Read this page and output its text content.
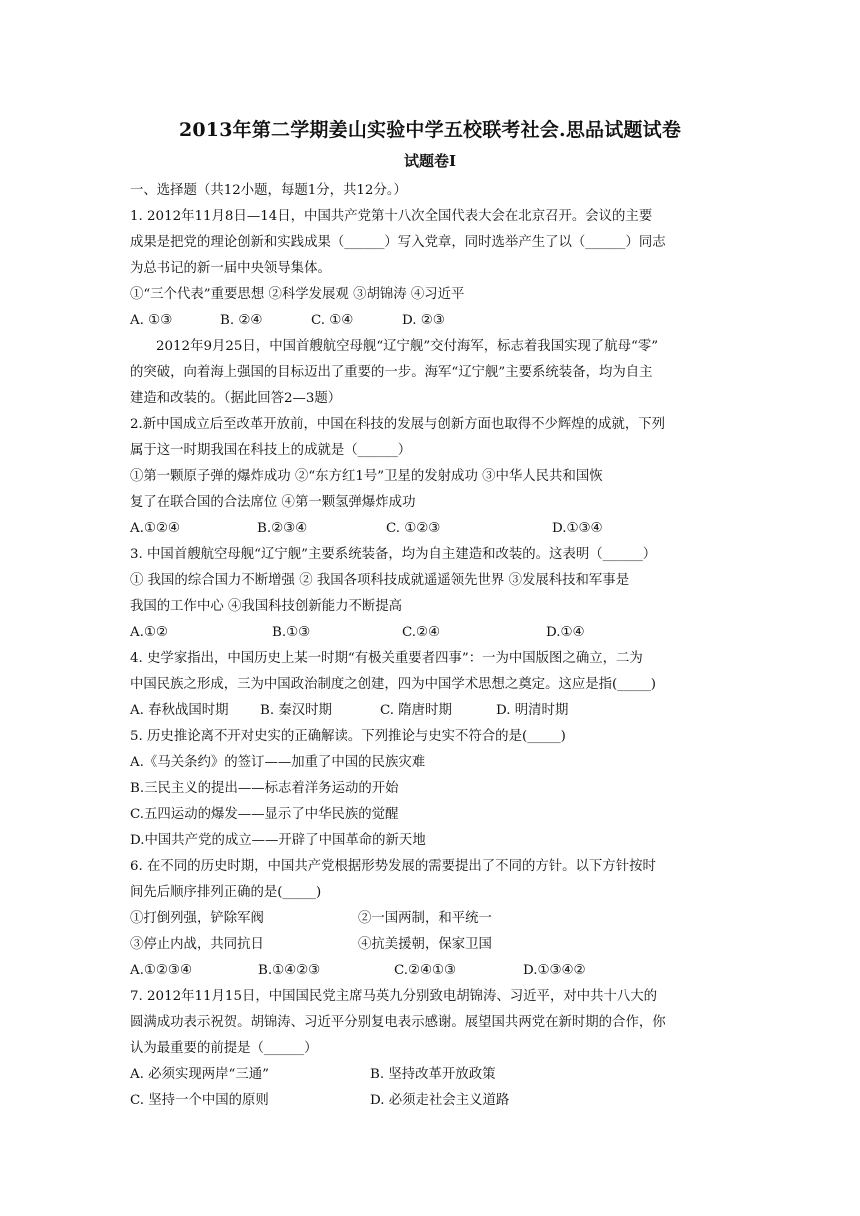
2013年第二学期姜山实验中学五校联考社会.思品试题试卷
试题卷Ⅰ
一、选择题（共12小题，每题1分，共12分。）
1. 2012年11月8日—14日，中国共产党第十八次全国代表大会在北京召开。会议的主要
成果是把党的理论创新和实践成果（______）写入党章，同时选举产生了以（______）同志
为总书记的新一届中央领导集体。
①“三个代表”重要思想 ②科学发展观 ③胡锦涛 ④习近平
A. ①③	B. ②④	C. ①④	D. ②③
2012年9月25日，中国首艘航空母舰“辽宁舰”交付海军，标志着我国实现了航母“零”
的突破，向着海上强国的目标迈出了重要的一步。海军“辽宁舰”主要系统装备，均为自主
建造和改装的。（据此回答2—3题）
2.新中国成立后至改革开放前，中国在科技的发展与创新方面也取得不少辉煌的成就，下列
属于这一时期我国在科技上的成就是（______）
①第一颗原子弹的爆炸成功 ②“东方红1号”卫星的发射成功 ③中华人民共和国恢
复了在联合国的合法席位 ④第一颗氢弹爆炸成功
A.①②④	B.②③④	C. ①②③	D.①③④
3. 中国首艘航空母舰“辽宁舰”主要系统装备，均为自主建造和改装的。这表明（______）
① 我国的综合国力不断增强 ② 我国各项科技成就遥遥领先世界 ③发展科技和军事是
我国的工作中心 ④我国科技创新能力不断提高
A.①②	B.①③	C.②④	D.①④
4. 史学家指出，中国历史上某一时期“有极关重要者四事”：一为中国版图之确立，二为
中国民族之形成，三为中国政治制度之创建，四为中国学术思想之奠定。这应是指(_____)
A. 春秋战国时期 B. 秦汉时期	C. 隋唐时期	D. 明清时期
5. 历史推论离不开对史实的正确解读。下列推论与史实不符合的是(_____)
A.《马关条约》的签订——加重了中国的民族灾难
B.三民主义的提出——标志着洋务运动的开始
C.五四运动的爆发——显示了中华民族的觉醒
D.中国共产党的成立——开辟了中国革命的新天地
6. 在不同的历史时期，中国共产党根据形势发展的需要提出了不同的方针。以下方针按时
间先后顺序排列正确的是(_____)
①打倒列强，铲除军阀	②一国两制，和平统一
③停止内战，共同抗日	④抗美援朝，保家卫国
A.①②③④	B.①④②③	C.②④①③	D.①③④②
7. 2012年11月15日，中国国民党主席马英九分别致电胡锦涛、习近平，对中共十八大的
圆满成功表示祝贺。胡锦涛、习近平分别复电表示感谢。展望国共两党在新时期的合作，你
认为最重要的前提是（______）
A. 必须实现两岸“三通”	B. 坚持改革开放政策
C. 坚持一个中国的原则	D. 必须走社会主义道路
